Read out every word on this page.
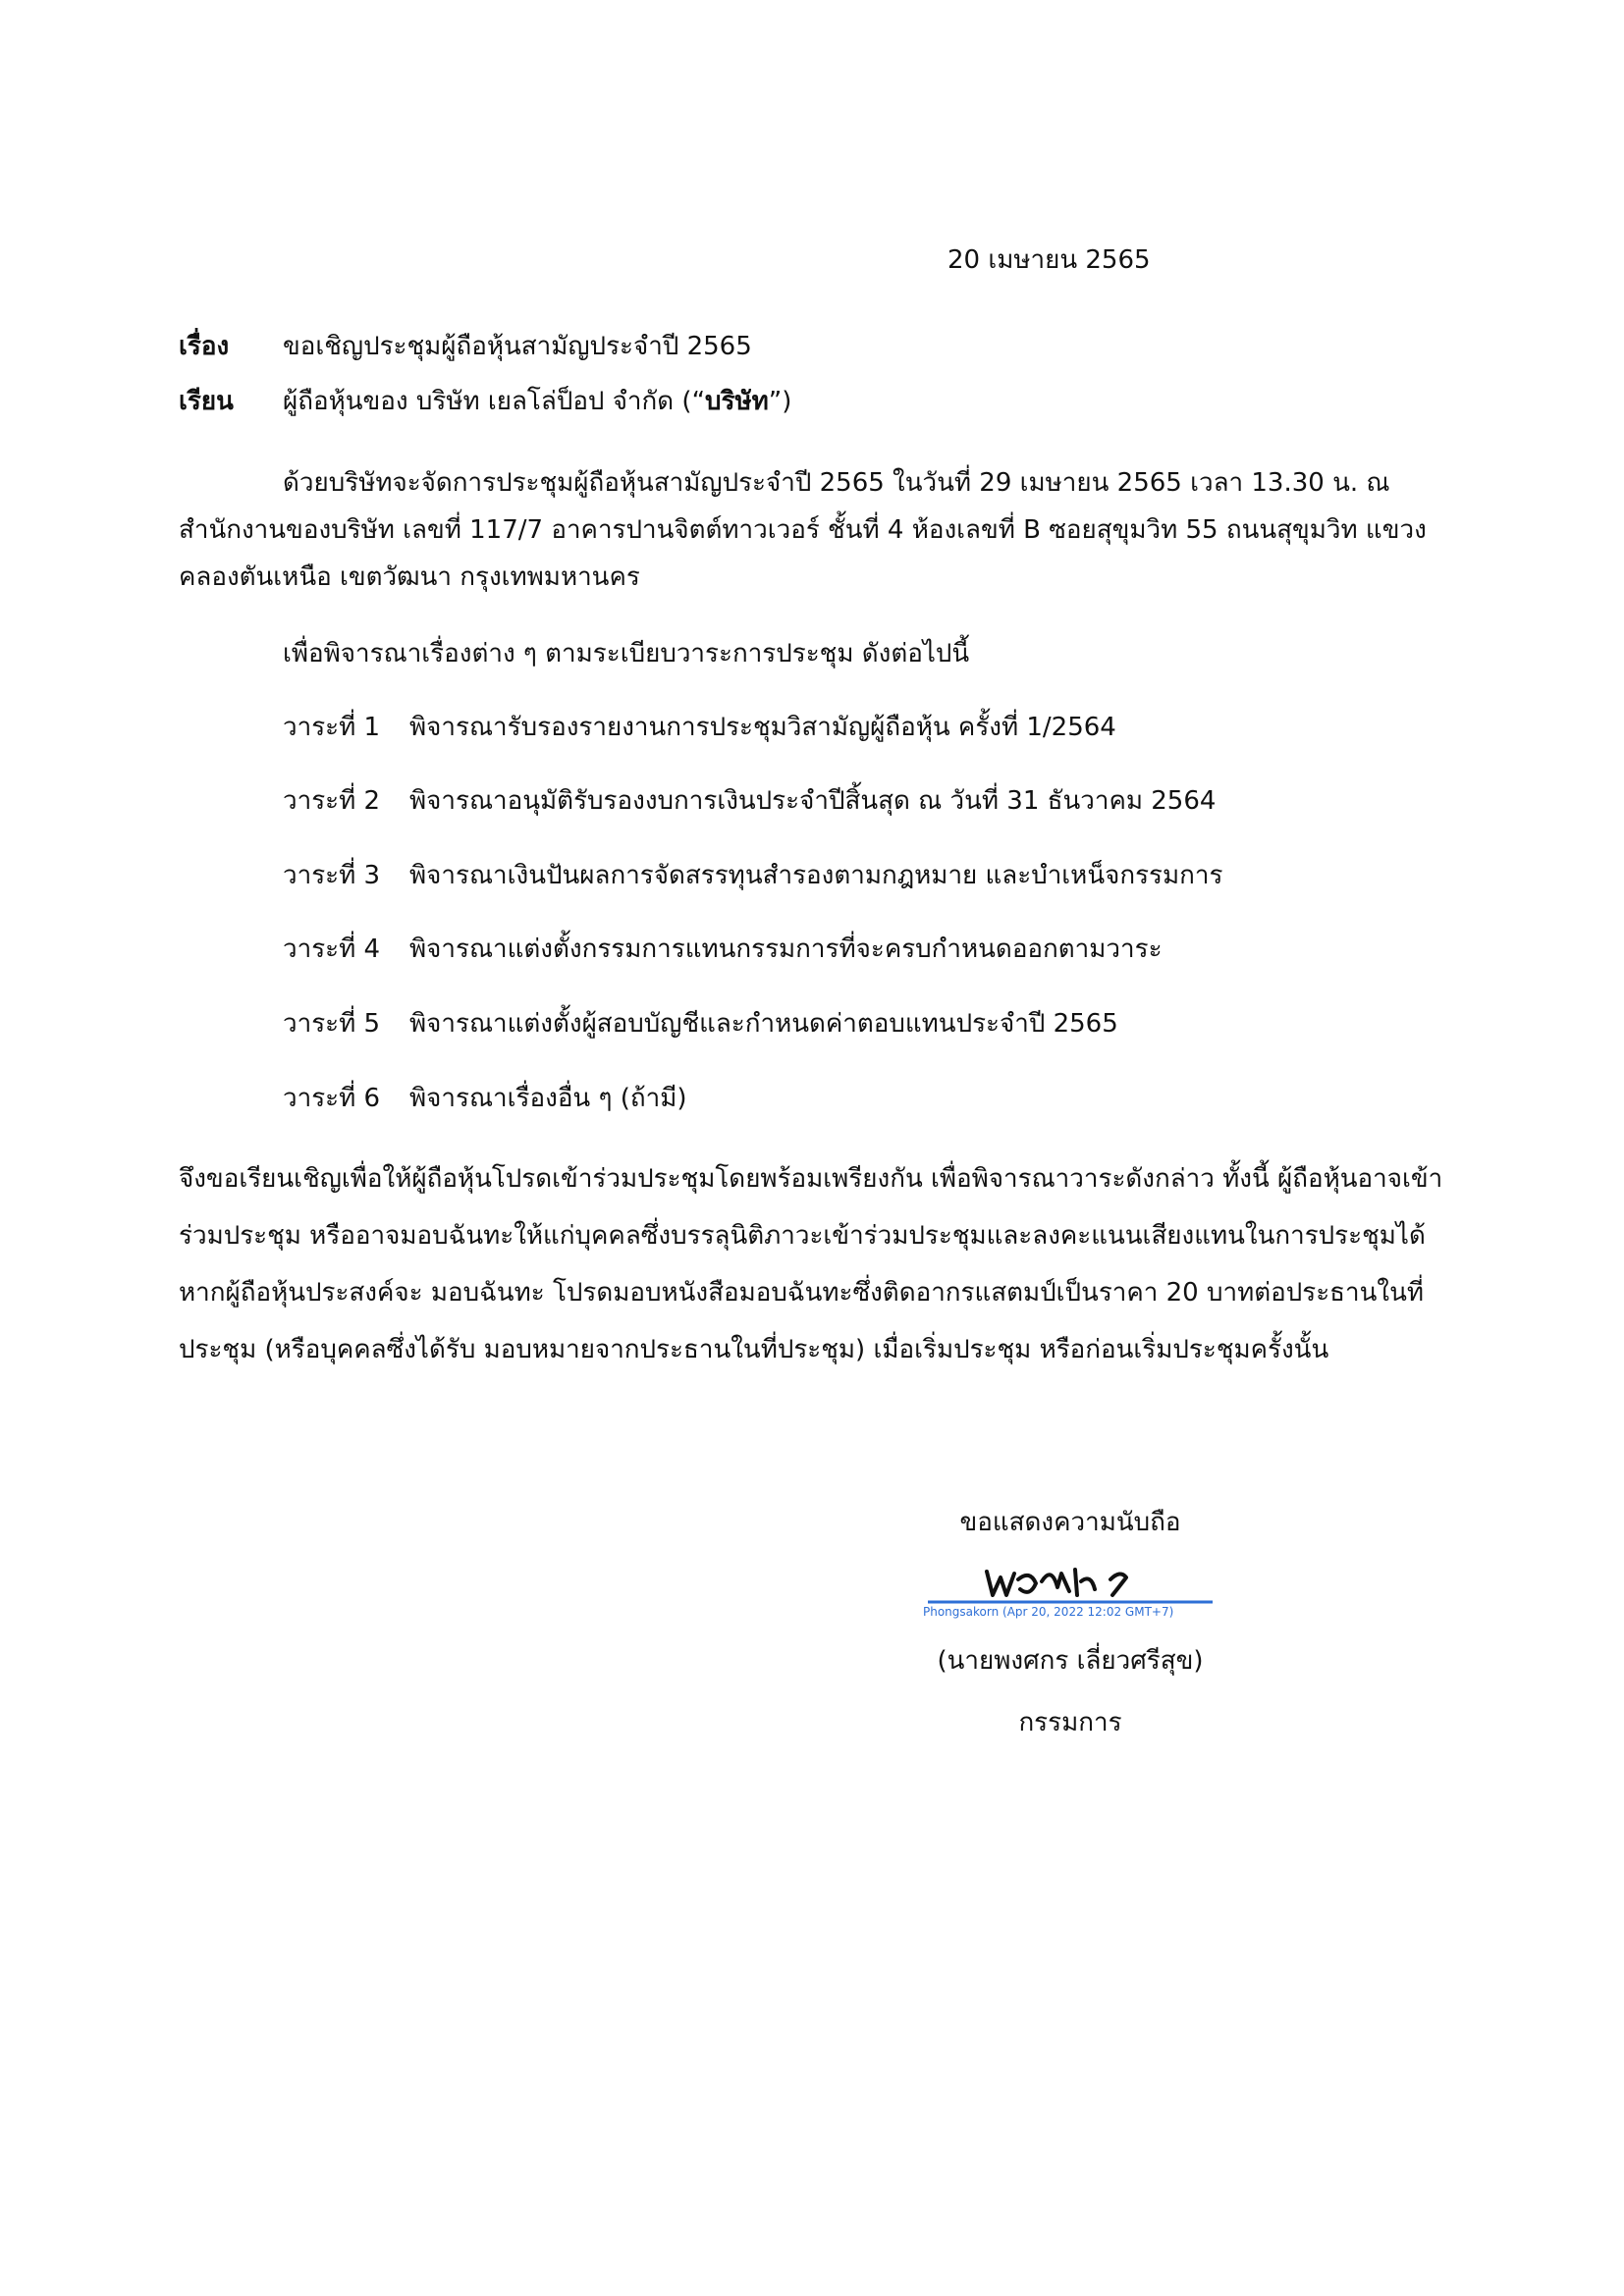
20 เมษายน 2565
เรื่อง ขอเชิญประชุมผู้ถือหุ้นสามัญประจำปี 2565
เรียน ผู้ถือหุ้นของ บริษัท เยลโล่ป็อป จำกัด (“บริษัท”)
ด้วยบริษัทจะจัดการประชุมผู้ถือหุ้นสามัญประจำปี 2565 ในวันที่ 29 เมษายน 2565 เวลา 13.30 น. ณ สำนักงานของบริษัท เลขที่ 117/7 อาคารปานจิตต์ทาวเวอร์ ชั้นที่ 4 ห้องเลขที่ B ซอยสุขุมวิท 55 ถนนสุขุมวิท แขวงคลองตันเหนือ เขตวัฒนา กรุงเทพมหานคร
เพื่อพิจารณาเรื่องต่าง ๆ ตามระเบียบวาระการประชุม ดังต่อไปนี้
วาระที่ 1 พิจารณารับรองรายงานการประชุมวิสามัญผู้ถือหุ้น ครั้งที่ 1/2564
วาระที่ 2 พิจารณาอนุมัติรับรองงบการเงินประจำปีสิ้นสุด ณ วันที่ 31 ธันวาคม 2564
วาระที่ 3 พิจารณาเงินปันผลการจัดสรรทุนสำรองตามกฎหมาย และบำเหน็จกรรมการ
วาระที่ 4 พิจารณาแต่งตั้งกรรมการแทนกรรมการที่จะครบกำหนดออกตามวาระ
วาระที่ 5 พิจารณาแต่งตั้งผู้สอบบัญชีและกำหนดค่าตอบแทนประจำปี 2565
วาระที่ 6 พิจารณาเรื่องอื่น ๆ (ถ้ามี)
จึงขอเรียนเชิญเพื่อให้ผู้ถือหุ้นโปรดเข้าร่วมประชุมโดยพร้อมเพรียงกัน เพื่อพิจารณาวาระดังกล่าว ทั้งนี้ ผู้ถือหุ้นอาจเข้าร่วมประชุม หรืออาจมอบฉันทะให้แก่บุคคลซึ่งบรรลุนิติภาวะเข้าร่วมประชุมและลงคะแนนเสียงแทนในการประชุมได้ หากผู้ถือหุ้นประสงค์จะ มอบฉันทะ โปรดมอบหนังสือมอบฉันทะซึ่งติดอากรแสตมป์เป็นราคา 20 บาทต่อประธานในที่ประชุม (หรือบุคคลซึ่งได้รับ มอบหมายจากประธานในที่ประชุม) เมื่อเริ่มประชุม หรือก่อนเริ่มประชุมครั้งนั้น
ขอแสดงความนับถือ
Phongsakorn (Apr 20, 2022 12:02 GMT+7)
(นายพงศกร เลี่ยวศรีสุข)
กรรมการ
